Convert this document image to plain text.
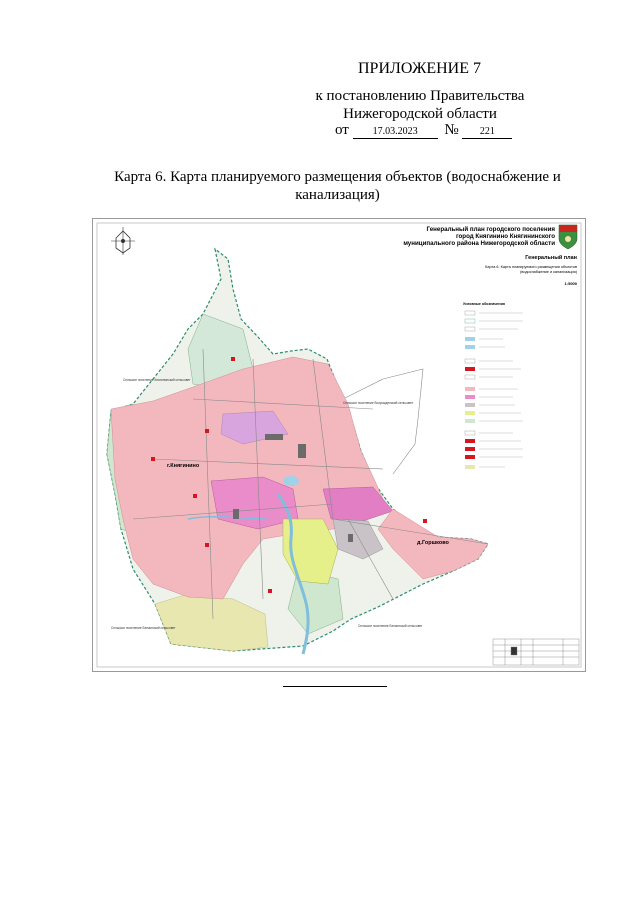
ПРИЛОЖЕНИЕ 7
к постановлению Правительства
Нижегородской области
от 17.03.2023 № 221
Карта 6. Карта планируемого размещения объектов (водоснабжение и канализация)
г.Княгинино
д.Горшково
Сельское поселение Княгининский сельсовет
Сельское поселение Возрожденский сельсовет
Сельское поселение Белкинский сельсовет	Сельское поселение Белкинский сельсовет
Генеральный план городского поселения
город Княгинино Княгининского
муниципального района Нижегородской области
Генеральный план
Карта 6. Карта планируемого размещения объектов
(водоснабжение и канализация)
1:5000
Условные обозначения
